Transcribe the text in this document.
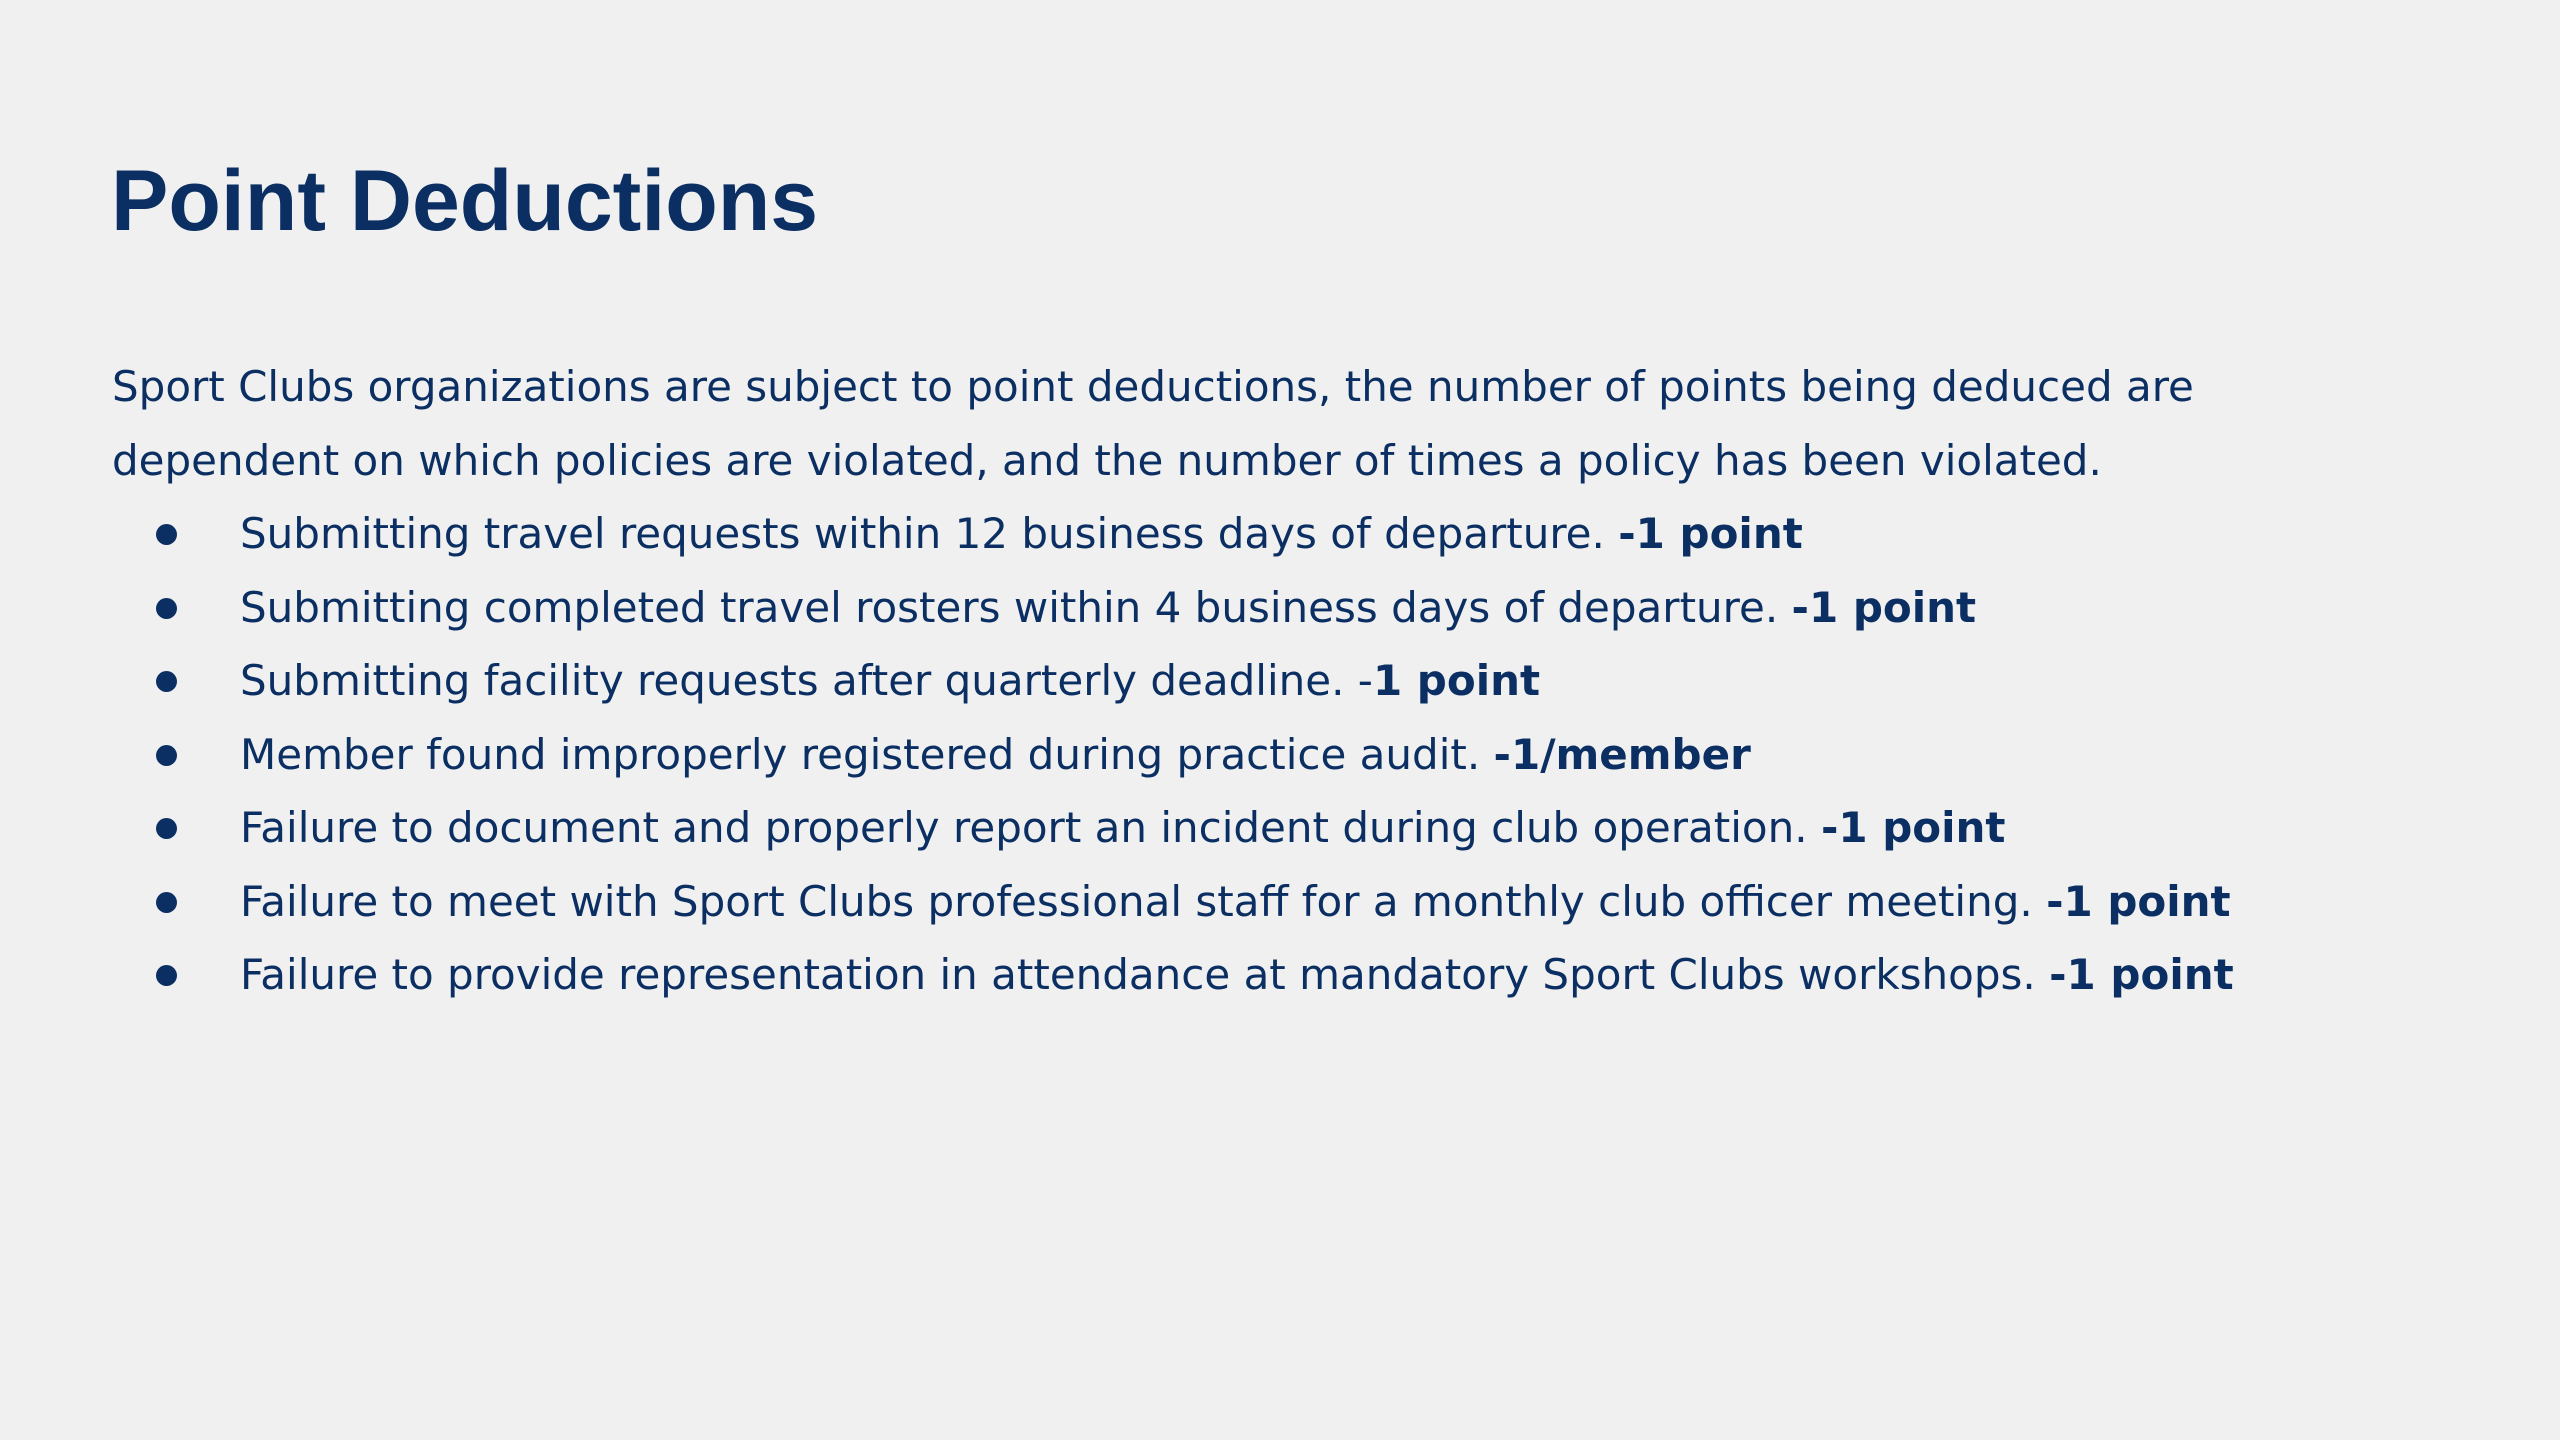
Point Deductions

Sport Clubs organizations are subject to point deductions, the number of points being deduced are dependent on which policies are violated, and the number of times a policy has been violated.

Submitting travel requests within 12 business days of departure. -1 point
Submitting completed travel rosters within 4 business days of departure. -1 point
Submitting facility requests after quarterly deadline. -1 point
Member found improperly registered during practice audit. -1/member
Failure to document and properly report an incident during club operation. -1 point
Failure to meet with Sport Clubs professional staff for a monthly club officer meeting. -1 point
Failure to provide representation in attendance at mandatory Sport Clubs workshops. -1 point
